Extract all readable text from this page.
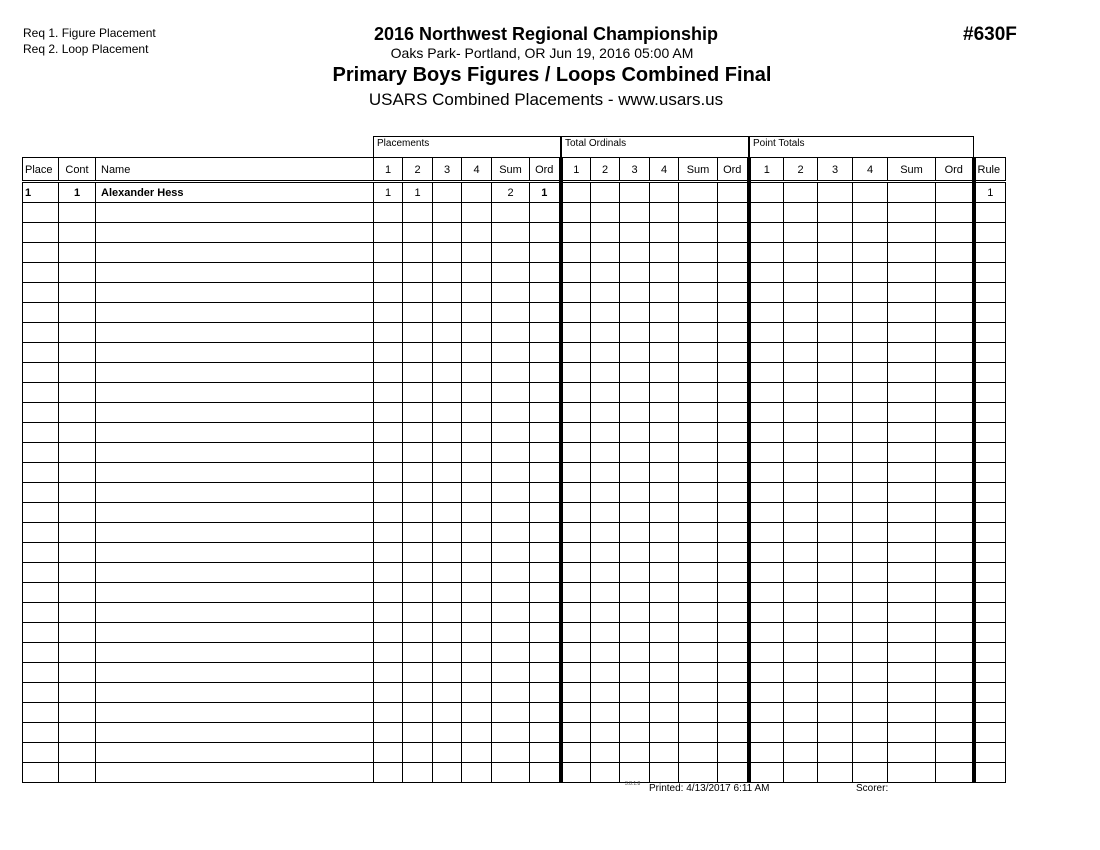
Req 1. Figure Placement
Req 2. Loop Placement
2016 Northwest Regional Championship
Oaks Park- Portland, OR Jun 19, 2016 05:00 AM
Primary Boys Figures / Loops Combined Final
USARS Combined Placements - www.usars.us
#630F
Placements	Total Ordinals	Point Totals
Place	Cont	Name	1	2	3	4	Sum	Ord	1	2	3	4	Sum	Ord	1	2	3	4	Sum	Ord	Rule
1	1	Alexander Hess	1	1			2	1													1

3.8.1.8 Printed: 4/13/2017 6:11 AM	Scorer:
